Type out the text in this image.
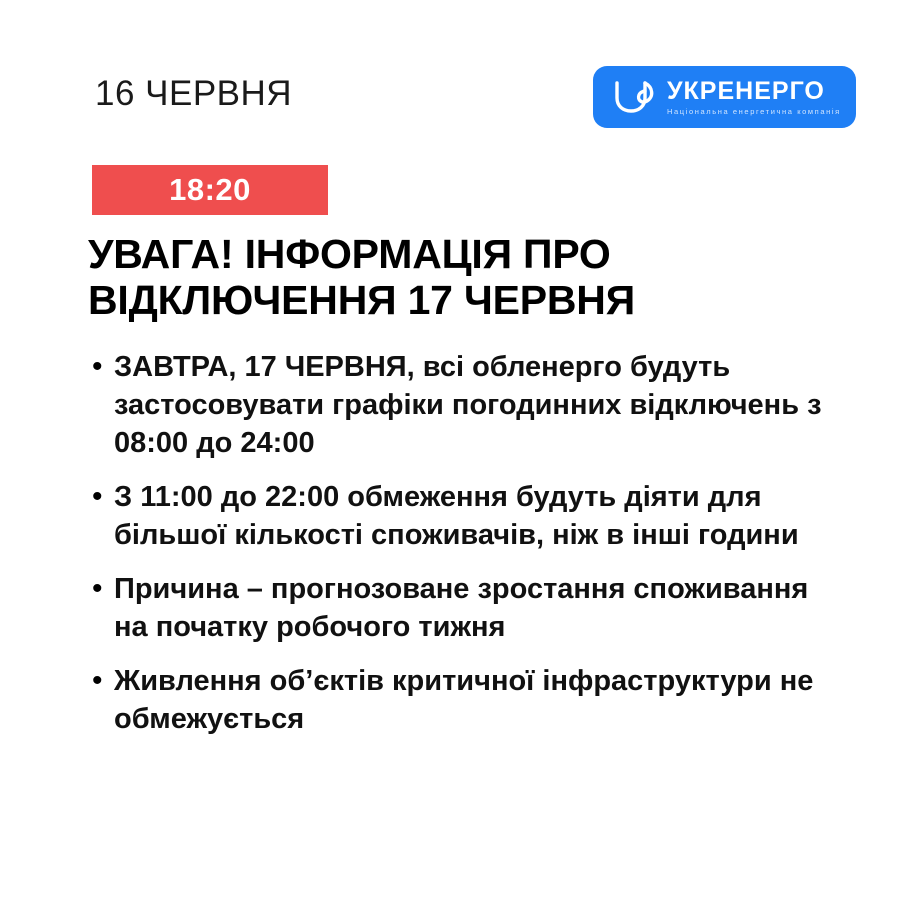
16 ЧЕРВНЯ	УКРЕНЕРГО
Національна енергетична компанія
18:20
УВАГА! ІНФОРМАЦІЯ ПРО ВІДКЛЮЧЕННЯ 17 ЧЕРВНЯ
• ЗАВТРА, 17 ЧЕРВНЯ, всі обленерго будуть застосовувати графіки погодинних відключень з 08:00 до 24:00
• З 11:00 до 22:00 обмеження будуть діяти для більшої кількості споживачів, ніж в інші години
• Причина – прогнозоване зростання споживання на початку робочого тижня
• Живлення об’єктів критичної інфраструктури не обмежується
